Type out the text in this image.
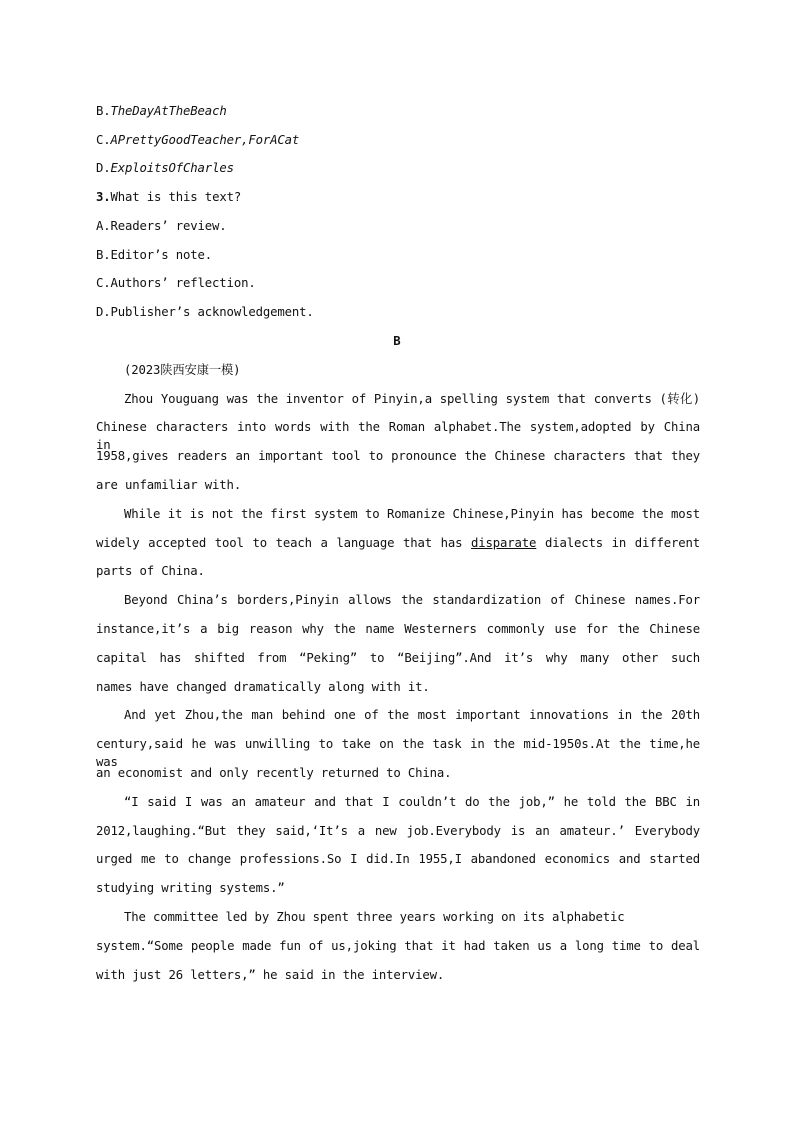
B.TheDayAtTheBeach
C.APrettyGoodTeacher,ForACat
D.ExploitsOfCharles
3.What is this text?
A.Readers’ review.
B.Editor’s note.
C.Authors’ reflection.
D.Publisher’s acknowledgement.
B
(2023陕西安康一模)
Zhou Youguang was the inventor of Pinyin,a spelling system that converts (转化)
Chinese characters into words with the Roman alphabet.The system,adopted by China in
1958,gives readers an important tool to pronounce the Chinese characters that they
are unfamiliar with.
While it is not the first system to Romanize Chinese,Pinyin has become the most
widely accepted tool to teach a language that has disparate dialects in different
parts of China.
Beyond China’s borders,Pinyin allows the standardization of Chinese names.For
instance,it’s a big reason why the name Westerners commonly use for the Chinese
capital has shifted from “Peking” to “Beijing”.And it’s why many other such
names have changed dramatically along with it.
And yet Zhou,the man behind one of the most important innovations in the 20th
century,said he was unwilling to take on the task in the mid-1950s.At the time,he was
an economist and only recently returned to China.
“I said I was an amateur and that I couldn’t do the job,” he told the BBC in
2012,laughing.“But they said,‘It’s a new job.Everybody is an amateur.’ Everybody
urged me to change professions.So I did.In 1955,I abandoned economics and started
studying writing systems.”
The committee led by Zhou spent three years working on its alphabetic
system.“Some people made fun of us,joking that it had taken us a long time to deal
with just 26 letters,” he said in the interview.
